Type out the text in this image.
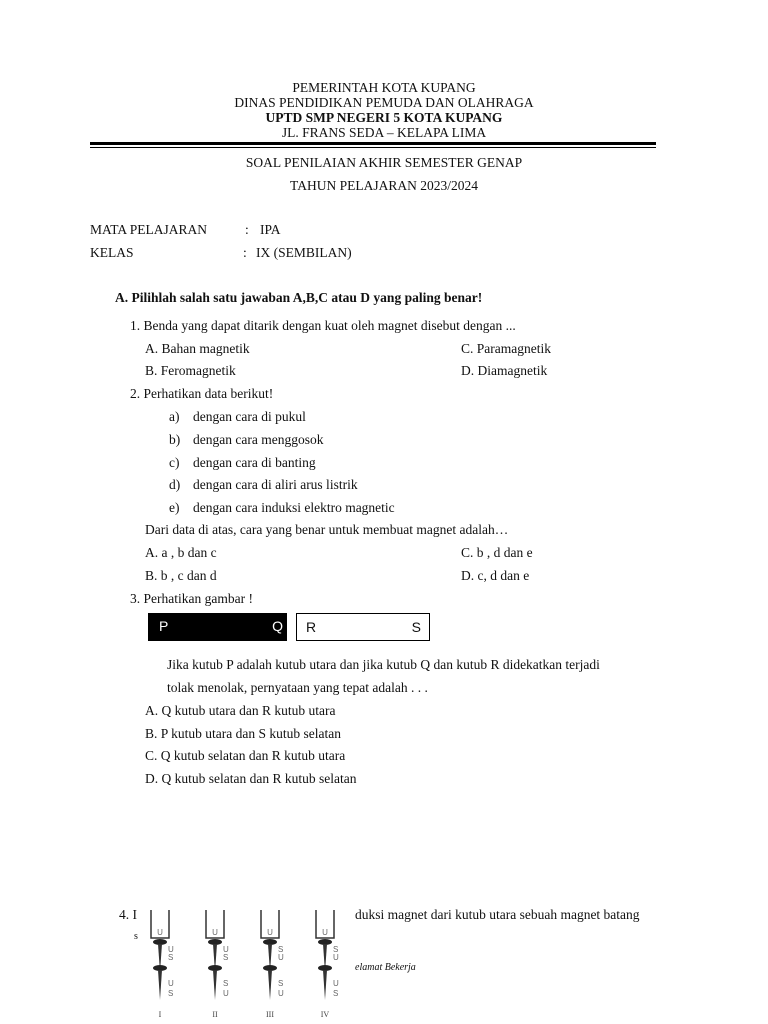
PEMERINTAH KOTA KUPANG
DINAS PENDIDIKAN PEMUDA DAN OLAHRAGA
UPTD SMP NEGERI 5 KOTA KUPANG
JL. FRANS SEDA – KELAPA LIMA
SOAL PENILAIAN AKHIR SEMESTER GENAP
TAHUN PELAJARAN 2023/2024
MATA PELAJARAN	: IPA
KELAS	: IX (SEMBILAN)
A. Pilihlah salah satu jawaban A,B,C atau D yang paling benar!
1. Benda yang dapat ditarik dengan kuat oleh magnet disebut dengan ...
A. Bahan magnetik	C. Paramagnetik
B. Feromagnetik	D. Diamagnetik
2. Perhatikan data berikut!
a) dengan cara di pukul
b) dengan cara menggosok
c) dengan cara di banting
d) dengan cara di aliri arus listrik
e) dengan cara induksi elektro magnetic
Dari data di atas, cara yang benar untuk membuat magnet adalah…
A. a , b dan c	C. b , d dan e
B. b , c dan d	D. c, d dan e
3. Perhatikan gambar !
P	Q R	S
Jika kutub P adalah kutub utara dan jika kutub Q dan kutub R didekatkan terjadi
tolak menolak, pernyataan yang tepat adalah . . .
A. Q kutub utara dan R kutub utara
B. P kutub utara dan S kutub selatan
C. Q kutub selatan dan R kutub utara
D. Q kutub selatan dan R kutub selatan
4. I	duksi magnet dari kutub utara sebuah magnet batang
s
elamat Bekerja
U
U
S
U
S
I
U
U
S
S
U
II
U
S
U
S
U
III
U
S
U
U
S
IV
